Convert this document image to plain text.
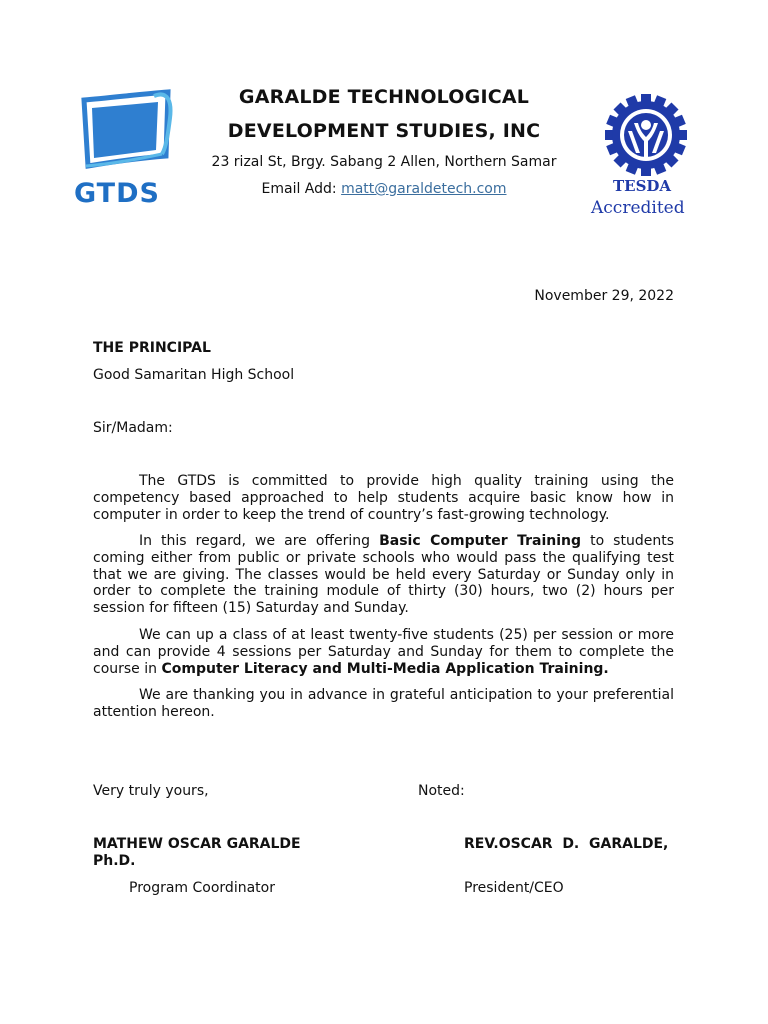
GTDS	TESDA
Accredited
GARALDE TECHNOLOGICAL
DEVELOPMENT STUDIES, INC
23 rizal St, Brgy. Sabang 2 Allen, Northern Samar
Email Add: matt@garaldetech.com
November 29, 2022
THE PRINCIPAL
Good Samaritan High School
Sir/Madam:
The GTDS is committed to provide high quality training using the competency based approached to help students acquire basic know how in computer in order to keep the trend of country’s fast-growing technology.
In this regard, we are offering Basic Computer Training to students coming either from public or private schools who would pass the qualifying test that we are giving. The classes would be held every Saturday or Sunday only in order to complete the training module of thirty (30) hours, two (2) hours per session for fifteen (15) Saturday and Sunday.
We can up a class of at least twenty-five students (25) per session or more and can provide 4 sessions per Saturday and Sunday for them to complete the course in Computer Literacy and Multi-Media Application Training.
We are thanking you in advance in grateful anticipation to your preferential attention hereon.
Very truly yours,	Noted:
MATHEW OSCAR GARALDE
Ph.D.
Program Coordinator
REV.OSCAR  D.  GARALDE,
President/CEO
